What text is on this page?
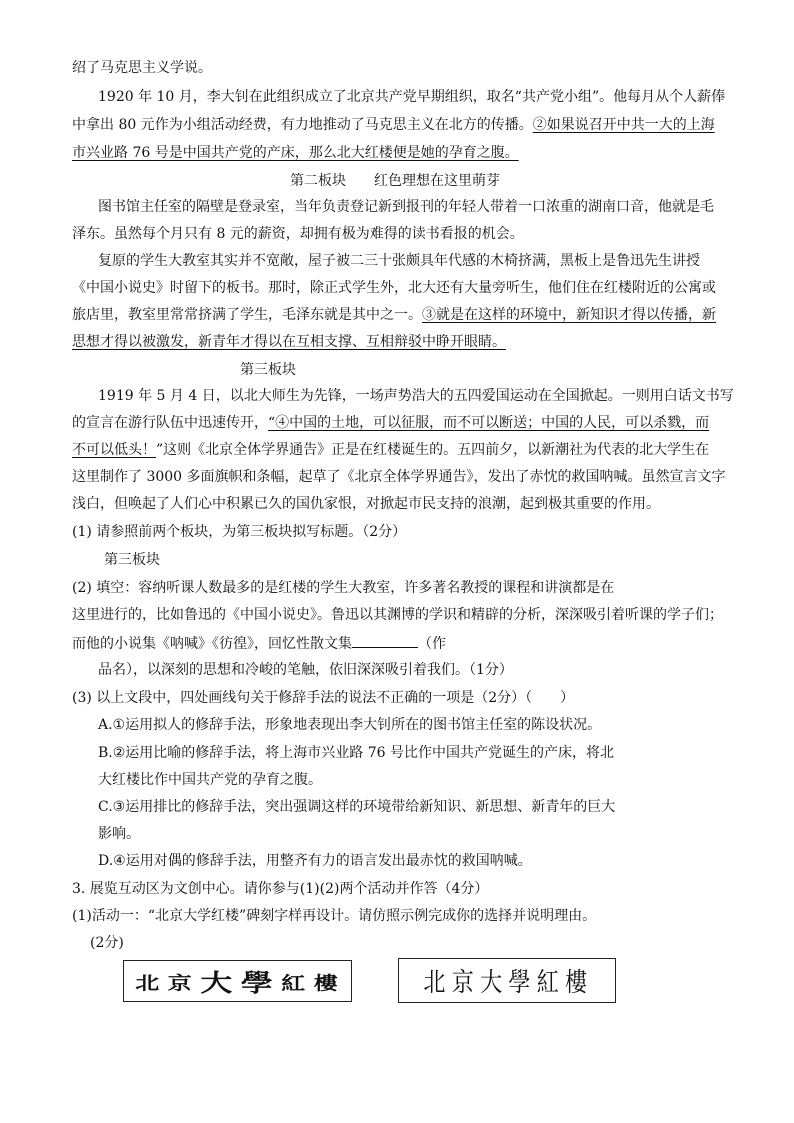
绍了马克思主义学说。
1920 年 10 月，李大钊在此组织成立了北京共产党早期组织，取名“共产党小组”。他每月从个人薪俸
中拿出 80 元作为小组活动经费，有力地推动了马克思主义在北方的传播。②如果说召开中共一大的上海
市兴业路 76 号是中国共产党的产床，那么北大红楼便是她的孕育之腹。
第二板块　　红色理想在这里萌芽
图书馆主任室的隔壁是登录室，当年负责登记新到报刊的年轻人带着一口浓重的湖南口音，他就是毛
泽东。虽然每个月只有 8 元的薪资，却拥有极为难得的读书看报的机会。
复原的学生大教室其实并不宽敞，屋子被二三十张颇具年代感的木椅挤满，黑板上是鲁迅先生讲授
《中国小说史》时留下的板书。那时，除正式学生外，北大还有大量旁听生，他们住在红楼附近的公寓或
旅店里，教室里常常挤满了学生，毛泽东就是其中之一。③就是在这样的环境中，新知识才得以传播，新
思想才得以被激发，新青年才得以在互相支撑、互相辩驳中睁开眼睛。
第三板块
1919 年 5 月 4 日，以北大师生为先锋，一场声势浩大的五四爱国运动在全国掀起。一则用白话文书写
的宣言在游行队伍中迅速传开，“④中国的土地，可以征服，而不可以断送；中国的人民，可以杀戮，而
不可以低头！”这则《北京全体学界通告》正是在红楼诞生的。五四前夕，以新潮社为代表的北大学生在
这里制作了 3000 多面旗帜和条幅，起草了《北京全体学界通告》，发出了赤忱的救国呐喊。虽然宣言文字
浅白，但唤起了人们心中积累已久的国仇家恨，对掀起市民支持的浪潮，起到极其重要的作用。
(1) 请参照前两个板块，为第三板块拟写标题。（2分）
第三板块
(2) 填空：容纳听课人数最多的是红楼的学生大教室，许多著名教授的课程和讲演都是在
这里进行的，比如鲁迅的《中国小说史》。鲁迅以其渊博的学识和精辟的分析，深深吸引着听课的学子们；
而他的小说集《呐喊》《彷徨》，回忆性散文集	（作
品名），以深刻的思想和冷峻的笔触，依旧深深吸引着我们。（1分）
(3) 以上文段中，四处画线句关于修辞手法的说法不正确的一项是（2分）（　　）
A.①运用拟人的修辞手法，形象地表现出李大钊所在的图书馆主任室的陈设状况。
B.②运用比喻的修辞手法，将上海市兴业路 76 号比作中国共产党诞生的产床，将北
大红楼比作中国共产党的孕育之腹。
C.③运用排比的修辞手法，突出强调这样的环境带给新知识、新思想、新青年的巨大
影响。
D.④运用对偶的修辞手法，用整齐有力的语言发出最赤忱的救国呐喊。
3. 展览互动区为文创中心。请你参与(1)(2)两个活动并作答（4分）
(1)活动一：“北京大学红楼”碑刻字样再设计。请仿照示例完成你的选择并说明理由。
(2分)
北 京 大 學 紅 樓	北 京 大 學 紅 樓
